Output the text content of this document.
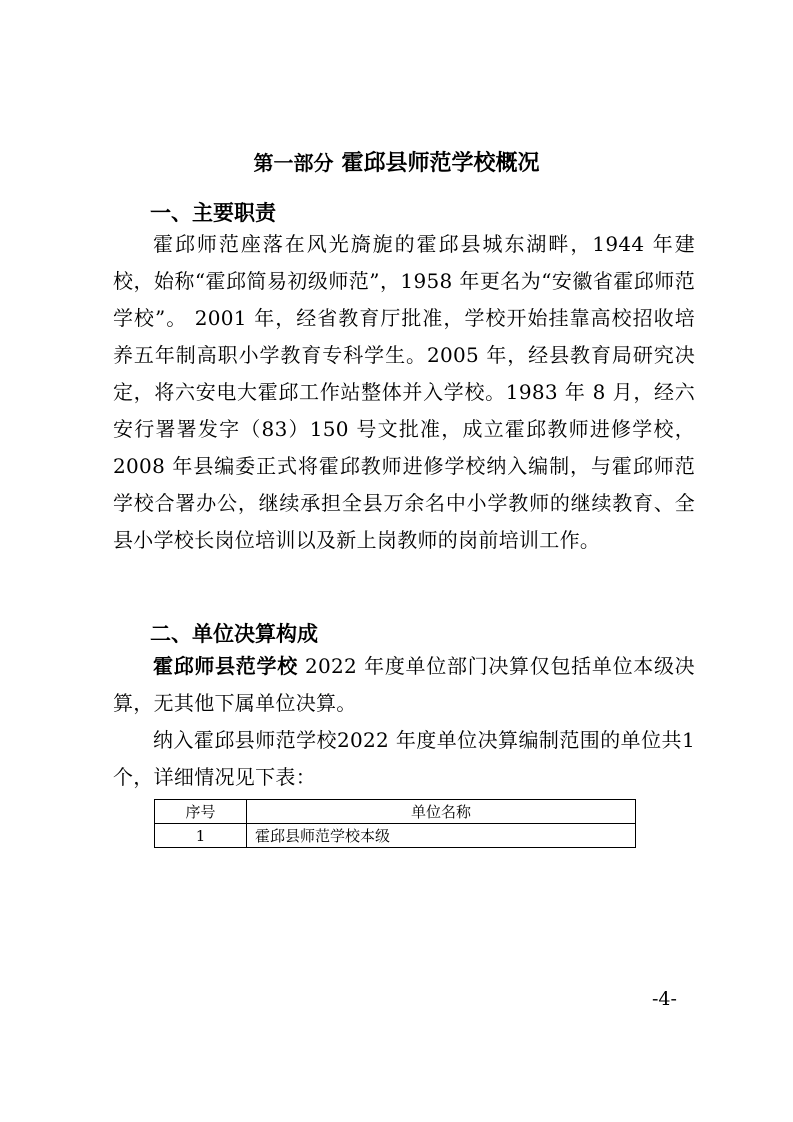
第一部分 霍邱县师范学校概况
一、主要职责
霍邱师范座落在风光旖旎的霍邱县城东湖畔，1944 年建校，始称“霍邱简易初级师范”，1958 年更名为“安徽省霍邱师范学校”。 2001 年，经省教育厅批准，学校开始挂靠高校招收培养五年制高职小学教育专科学生。2005 年，经县教育局研究决定，将六安电大霍邱工作站整体并入学校。1983 年 8 月，经六安行署署发字（83）150 号文批准，成立霍邱教师进修学校，2008 年县编委正式将霍邱教师进修学校纳入编制，与霍邱师范学校合署办公，继续承担全县万余名中小学教师的继续教育、全县小学校长岗位培训以及新上岗教师的岗前培训工作。
二、单位决算构成
霍邱师县范学校 2022 年度单位部门决算仅包括单位本级决算，无其他下属单位决算。
纳入霍邱县师范学校2022 年度单位决算编制范围的单位共1个，详细情况见下表：
序号	单位名称
1	霍邱县师范学校本级
-4-
